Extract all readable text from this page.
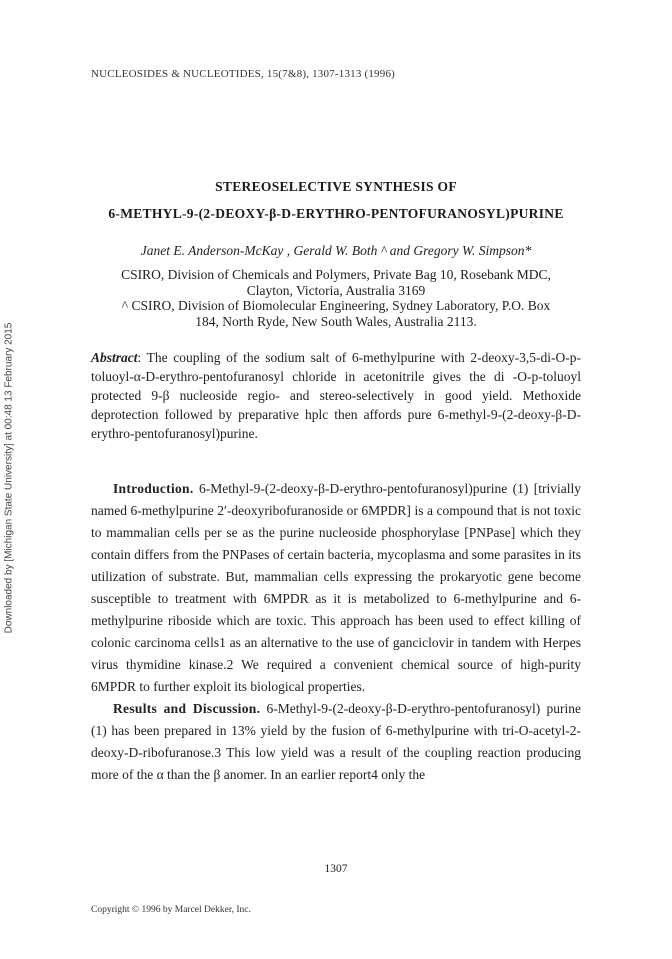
Downloaded by [Michigan State University] at 00:48 13 February 2015
NUCLEOSIDES & NUCLEOTIDES, 15(7&8), 1307-1313 (1996)
STEREOSELECTIVE SYNTHESIS OF
6-METHYL-9-(2-DEOXY-β-D-ERYTHRO-PENTOFURANOSYL)PURINE
Janet E. Anderson-McKay , Gerald W. Both ^ and Gregory W. Simpson*
CSIRO, Division of Chemicals and Polymers, Private Bag 10, Rosebank MDC,
Clayton, Victoria, Australia 3169
^ CSIRO, Division of Biomolecular Engineering, Sydney Laboratory, P.O. Box
184, North Ryde, New South Wales, Australia 2113.
Abstract: The coupling of the sodium salt of 6-methylpurine with 2-deoxy-3,5-di-O-p-toluoyl-α-D-erythro-pentofuranosyl chloride in acetonitrile gives the di -O-p-toluoyl protected 9-β nucleoside regio- and stereo-selectively in good yield. Methoxide deprotection followed by preparative hplc then affords pure 6-methyl-9-(2-deoxy-β-D-erythro-pentofuranosyl)purine.
Introduction. 6-Methyl-9-(2-deoxy-β-D-erythro-pentofuranosyl)purine (1) [trivially named 6-methylpurine 2′-deoxyribofuranoside or 6MPDR] is a compound that is not toxic to mammalian cells per se as the purine nucleoside phosphorylase [PNPase] which they contain differs from the PNPases of certain bacteria, mycoplasma and some parasites in its utilization of substrate. But, mammalian cells expressing the prokaryotic gene become susceptible to treatment with 6MPDR as it is metabolized to 6-methylpurine and 6-methylpurine riboside which are toxic. This approach has been used to effect killing of colonic carcinoma cells1 as an alternative to the use of ganciclovir in tandem with Herpes virus thymidine kinase.2 We required a convenient chemical source of high-purity 6MPDR to further exploit its biological properties.
Results and Discussion. 6-Methyl-9-(2-deoxy-β-D-erythro-pentofuranosyl) purine (1) has been prepared in 13% yield by the fusion of 6-methylpurine with tri-O-acetyl-2-deoxy-D-ribofuranose.3 This low yield was a result of the coupling reaction producing more of the α than the β anomer. In an earlier report4 only the
1307
Copyright © 1996 by Marcel Dekker, Inc.
